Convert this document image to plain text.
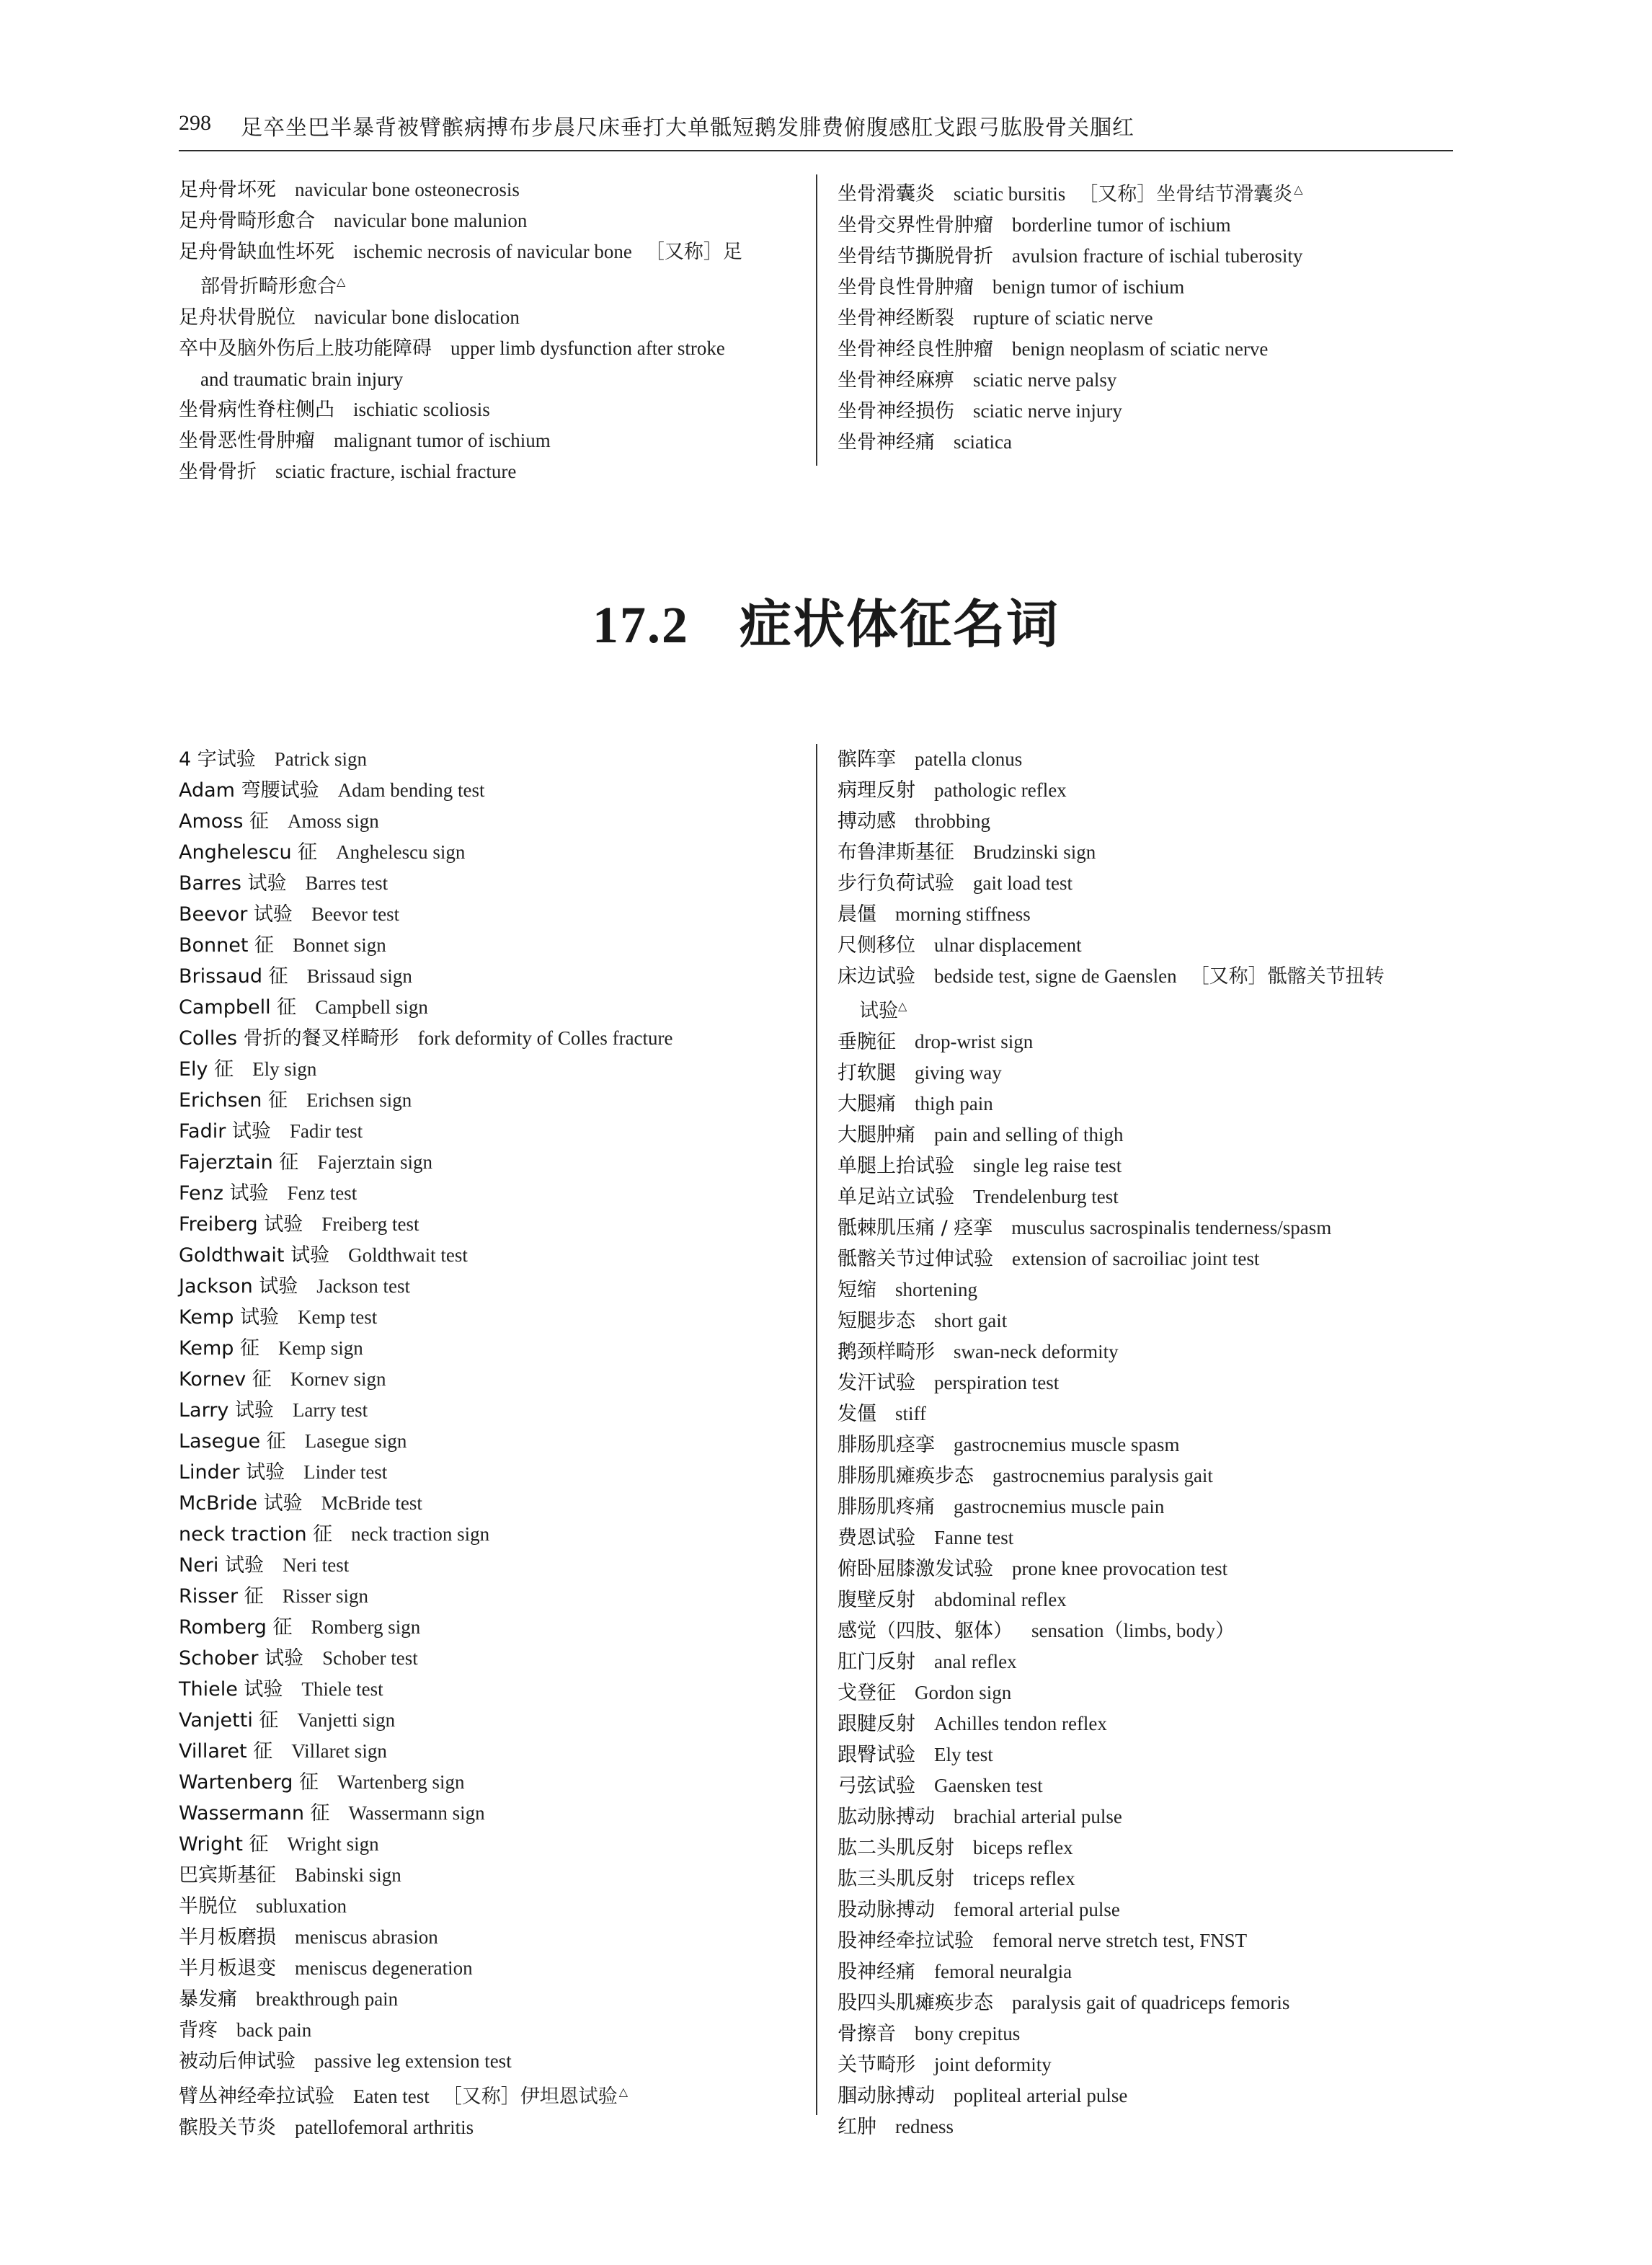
298 足卒坐巴半暴背被臂髌病搏布步晨尺床垂打大单骶短鹅发腓费俯腹感肛戈跟弓肱股骨关腘红
足舟骨坏死 navicular bone osteonecrosis
足舟骨畸形愈合 navicular bone malunion
足舟骨缺血性坏死 ischemic necrosis of navicular bone ［又称］足
部骨折畸形愈合△
足舟状骨脱位 navicular bone dislocation
卒中及脑外伤后上肢功能障碍 upper limb dysfunction after stroke
and traumatic brain injury
坐骨病性脊柱侧凸 ischiatic scoliosis
坐骨恶性骨肿瘤 malignant tumor of ischium
坐骨骨折 sciatic fracture, ischial fracture
坐骨滑囊炎 sciatic bursitis ［又称］坐骨结节滑囊炎 △
坐骨交界性骨肿瘤 borderline tumor of ischium
坐骨结节撕脱骨折 avulsion fracture of ischial tuberosity
坐骨良性骨肿瘤 benign tumor of ischium
坐骨神经断裂 rupture of sciatic nerve
坐骨神经良性肿瘤 benign neoplasm of sciatic nerve
坐骨神经麻痹 sciatic nerve palsy
坐骨神经损伤 sciatic nerve injury
坐骨神经痛 sciatica
17.2 症状体征名词
4 字试验 Patrick sign
Adam 弯腰试验 Adam bending test
Amoss 征 Amoss sign
Anghelescu 征 Anghelescu sign
Barres 试验 Barres test
Beevor 试验 Beevor test
Bonnet 征 Bonnet sign
Brissaud 征 Brissaud sign
Campbell 征 Campbell sign
Colles 骨折的餐叉样畸形 fork deformity of Colles fracture
Ely 征 Ely sign
Erichsen 征 Erichsen sign
Fadir 试验 Fadir test
Fajerztain 征 Fajerztain sign
Fenz 试验 Fenz test
Freiberg 试验 Freiberg test
Goldthwait 试验 Goldthwait test
Jackson 试验 Jackson test
Kemp 试验 Kemp test
Kemp 征 Kemp sign
Kornev 征 Kornev sign
Larry 试验 Larry test
Lasegue 征 Lasegue sign
Linder 试验 Linder test
McBride 试验 McBride test
neck traction 征 neck traction sign
Neri 试验 Neri test
Risser 征 Risser sign
Romberg 征 Romberg sign
Schober 试验 Schober test
Thiele 试验 Thiele test
Vanjetti 征 Vanjetti sign
Villaret 征 Villaret sign
Wartenberg 征 Wartenberg sign
Wassermann 征 Wassermann sign
Wright 征 Wright sign
巴宾斯基征 Babinski sign
半脱位 subluxation
半月板磨损 meniscus abrasion
半月板退变 meniscus degeneration
暴发痛 breakthrough pain
背疼 back pain
被动后伸试验 passive leg extension test
臂丛神经牵拉试验 Eaten test ［又称］伊坦恩试验 △
髌股关节炎 patellofemoral arthritis
髌阵挛 patella clonus
病理反射 pathologic reflex
搏动感 throbbing
布鲁津斯基征 Brudzinski sign
步行负荷试验 gait load test
晨僵 morning stiffness
尺侧移位 ulnar displacement
床边试验 bedside test, signe de Gaenslen ［又称］骶髂关节扭转
试验△
垂腕征 drop-wrist sign
打软腿 giving way
大腿痛 thigh pain
大腿肿痛 pain and selling of thigh
单腿上抬试验 single leg raise test
单足站立试验 Trendelenburg test
骶棘肌压痛 / 痉挛 musculus sacrospinalis tenderness/spasm
骶髂关节过伸试验 extension of sacroiliac joint test
短缩 shortening
短腿步态 short gait
鹅颈样畸形 swan-neck deformity
发汗试验 perspiration test
发僵 stiff
腓肠肌痉挛 gastrocnemius muscle spasm
腓肠肌瘫痪步态 gastrocnemius paralysis gait
腓肠肌疼痛 gastrocnemius muscle pain
费恩试验 Fanne test
俯卧屈膝激发试验 prone knee provocation test
腹壁反射 abdominal reflex
感觉（四肢、躯体） sensation（limbs, body）
肛门反射 anal reflex
戈登征 Gordon sign
跟腱反射 Achilles tendon reflex
跟臀试验 Ely test
弓弦试验 Gaensken test
肱动脉搏动 brachial arterial pulse
肱二头肌反射 biceps reflex
肱三头肌反射 triceps reflex
股动脉搏动 femoral arterial pulse
股神经牵拉试验 femoral nerve stretch test, FNST
股神经痛 femoral neuralgia
股四头肌瘫痪步态 paralysis gait of quadriceps femoris
骨擦音 bony crepitus
关节畸形 joint deformity
腘动脉搏动 popliteal arterial pulse
红肿 redness
